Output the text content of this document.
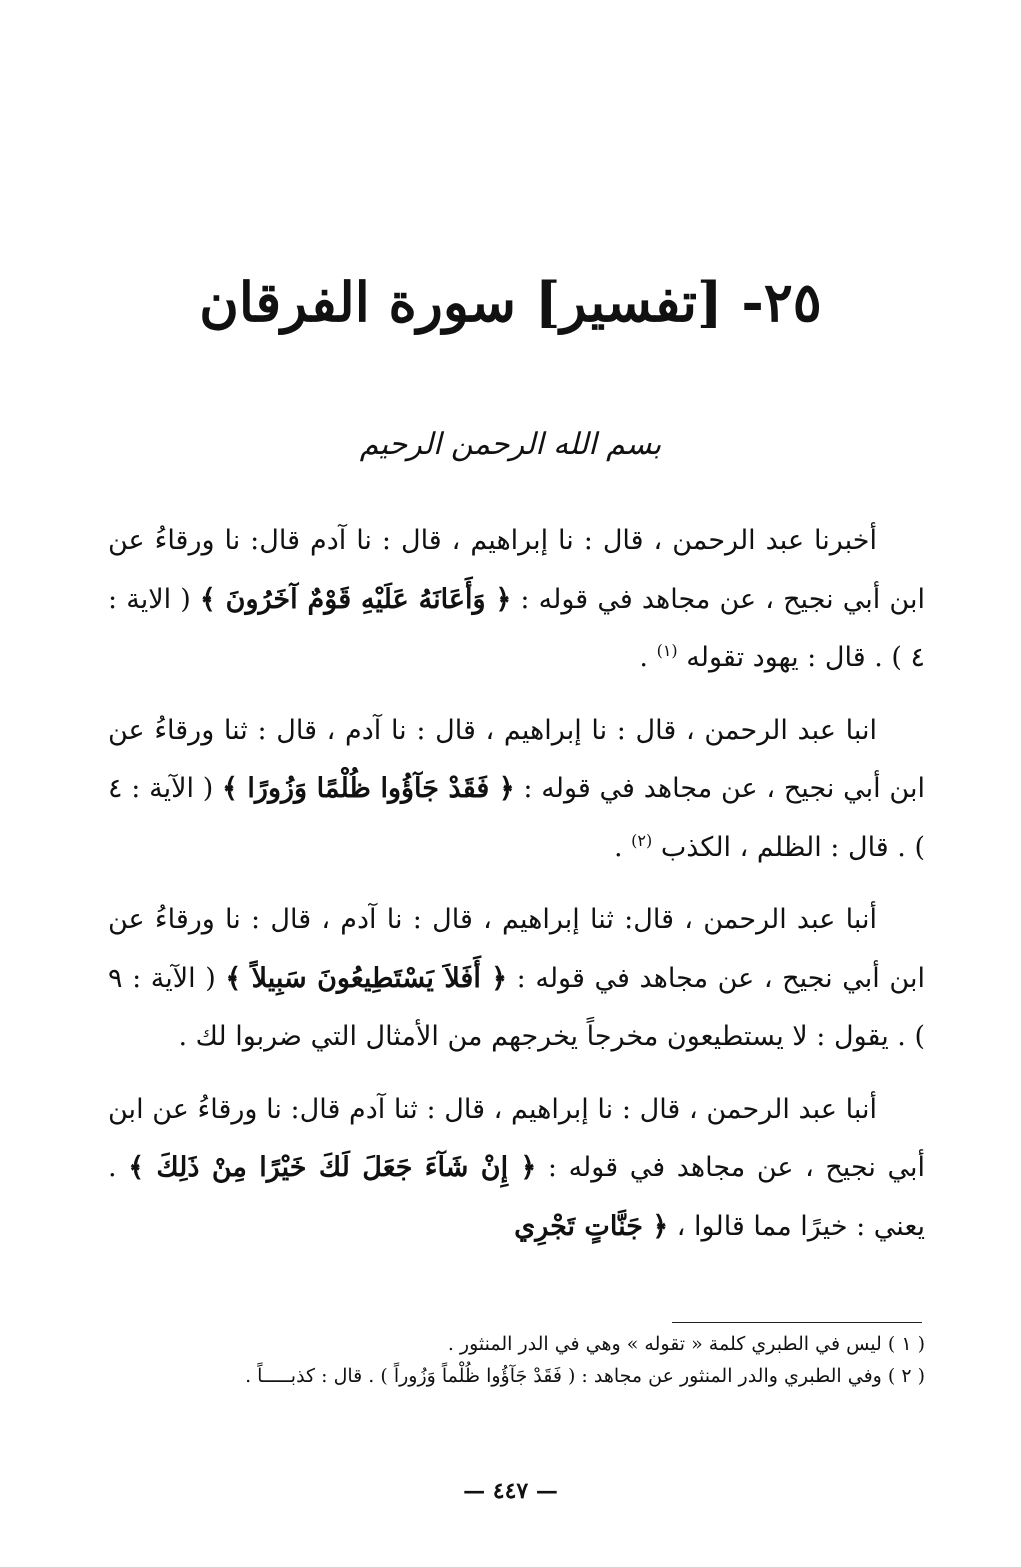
٢٥- [تفسير] سورة الفرقان
بسم الله الرحمن الرحيم

أخبرنا عبد الرحمن ، قال : نا إبراهيم ، قال : نا آدم قال: نا ورقاءُ عن ابن أبي نجيح ، عن مجاهد في قوله : ﴿ وَأَعَانَهُ عَلَيْهِ قَوْمٌ آخَرُونَ ﴾ ( الاية : ٤ ) . قال : يهود تقوله $^{(١)}$ .

انبا عبد الرحمن ، قال : نا إبراهيم ، قال : نا آدم ، قال : ثنا ورقاءُ عن ابن أبي نجيح ، عن مجاهد في قوله : ﴿ فَقَدْ جَآؤُوا ظُلْمًا وَزُورًا ﴾ ( الآية : ٤ ) . قال : الظلم ، الكذب $^{(٢)}$ .

أنبا عبد الرحمن ، قال: ثنا إبراهيم ، قال : نا آدم ، قال : نا ورقاءُ عن ابن أبي نجيح ، عن مجاهد في قوله : ﴿ أَفَلاَ يَسْتَطِيعُونَ سَبِيلاً ﴾ ( الآية : ٩ ) . يقول : لا يستطيعون مخرجاً يخرجهم من الأمثال التي ضربوا لك .

أنبا عبد الرحمن ، قال : نا إبراهيم ، قال : ثنا آدم قال: نا ورقاءُ عن ابن أبي نجيح ، عن مجاهد في قوله : ﴿ إِنْ شَآءَ جَعَلَ لَكَ خَيْرًا مِنْ ذَلِكَ ﴾ . يعني : خيرًا مما قالوا ، ﴿ جَنَّاتٍ تَجْرِي

( ١ ) ليس في الطبري كلمة « تقوله » وهي في الدر المنثور .

( ٢ ) وفي الطبري والدر المنثور عن مجاهد : ( فَقَدْ جَآؤُوا ظُلْماً وَزُوراً ) . قال : كذبـــــاً .

— ٤٤٧ —
